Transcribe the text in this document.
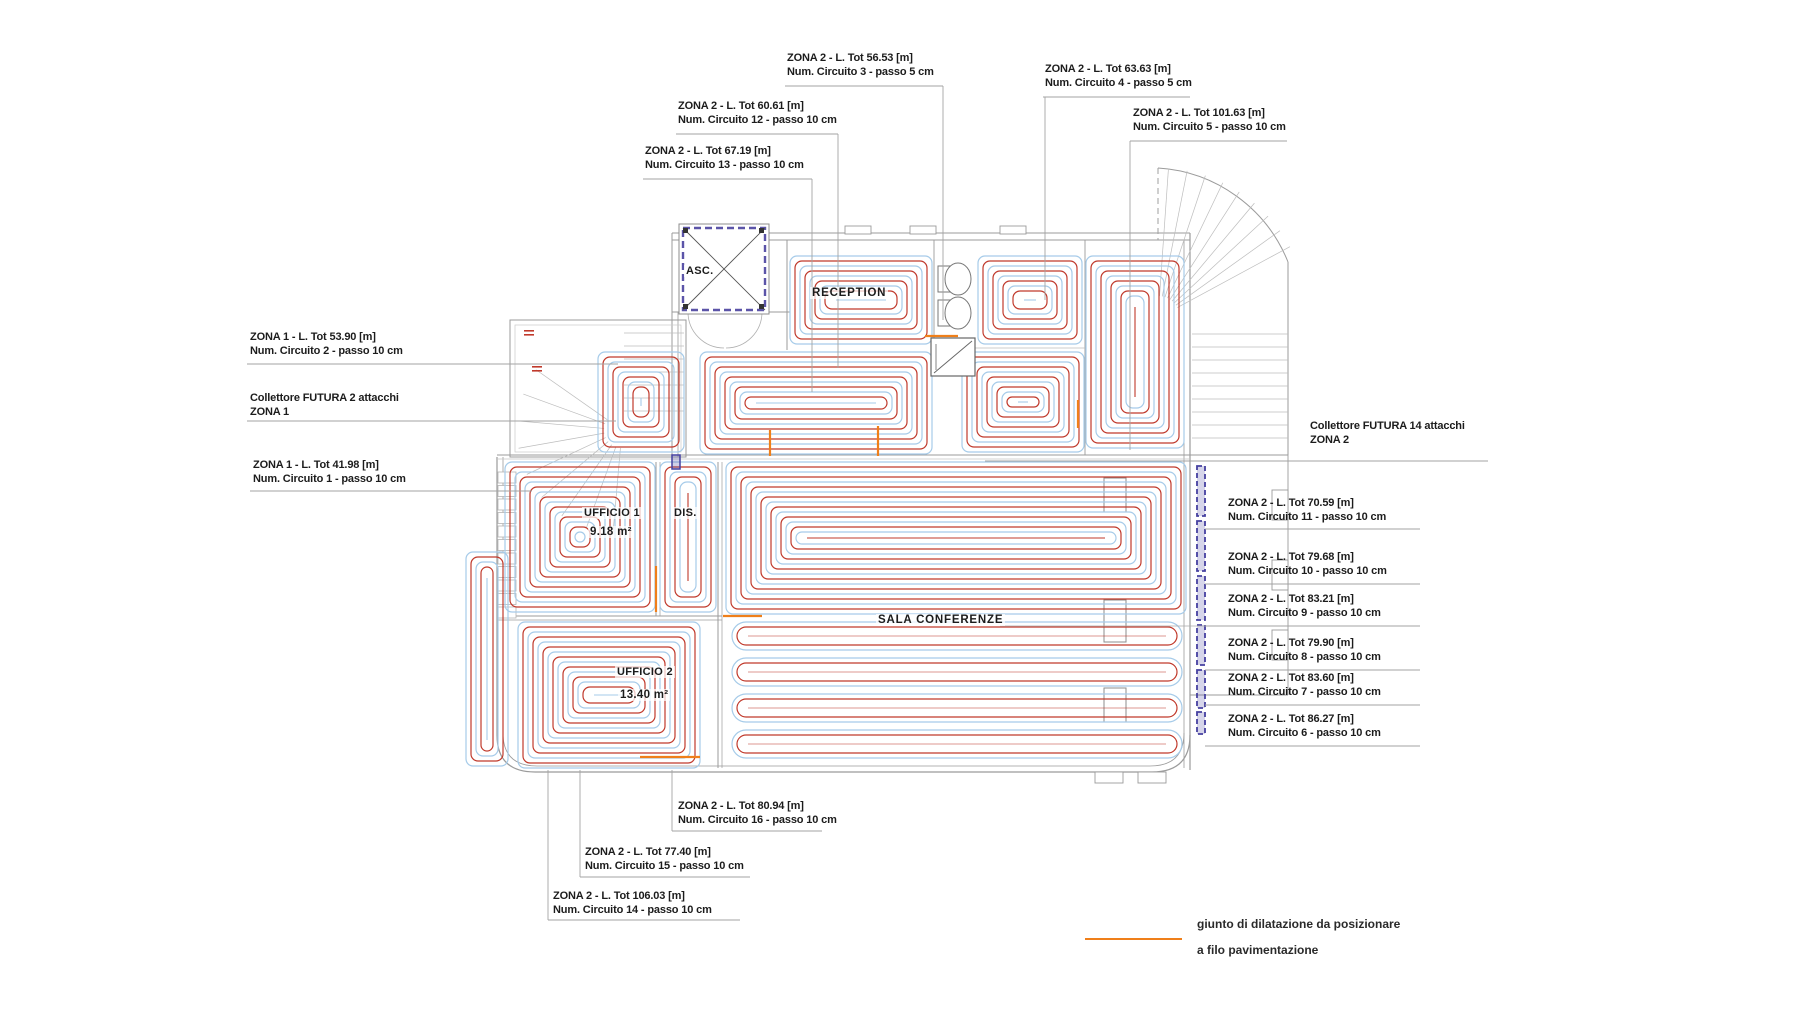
ASC.
RECEPTION
UFFICIO 1
9.18 m²
DIS.
UFFICIO 2
13.40 m²
SALA CONFERENZE
ZONA 2 - L. Tot 56.53 [m]
Num. Circuito 3 - passo 5 cm
ZONA 2 - L. Tot 60.61 [m]
Num. Circuito 12 - passo 10 cm
ZONA 2 - L. Tot 67.19 [m]
Num. Circuito 13 - passo 10 cm
ZONA 2 - L. Tot 63.63 [m]
Num. Circuito 4 - passo 5 cm
ZONA 2 - L. Tot 101.63 [m]
Num. Circuito 5 - passo 10 cm
ZONA 1 - L. Tot 53.90 [m]
Num. Circuito 2 - passo 10 cm
Collettore FUTURA 2 attacchi
ZONA 1
ZONA 1 - L. Tot 41.98 [m]
Num. Circuito 1 - passo 10 cm
Collettore FUTURA 14 attacchi
ZONA 2
ZONA 2 - L. Tot 70.59 [m]
Num. Circuito 11 - passo 10 cm
ZONA 2 - L. Tot 79.68 [m]
Num. Circuito 10 - passo 10 cm
ZONA 2 - L. Tot 83.21 [m]
Num. Circuito 9 - passo 10 cm
ZONA 2 - L. Tot 79.90 [m]
Num. Circuito 8 - passo 10 cm
ZONA 2 - L. Tot 83.60 [m]
Num. Circuito 7 - passo 10 cm
ZONA 2 - L. Tot 86.27 [m]
Num. Circuito 6 - passo 10 cm
ZONA 2 - L. Tot 80.94 [m]
Num. Circuito 16 - passo 10 cm
ZONA 2 - L. Tot 77.40 [m]
Num. Circuito 15 - passo 10 cm
ZONA 2 - L. Tot 106.03 [m]
Num. Circuito 14 - passo 10 cm
giunto di dilatazione da posizionare
a filo pavimentazione
